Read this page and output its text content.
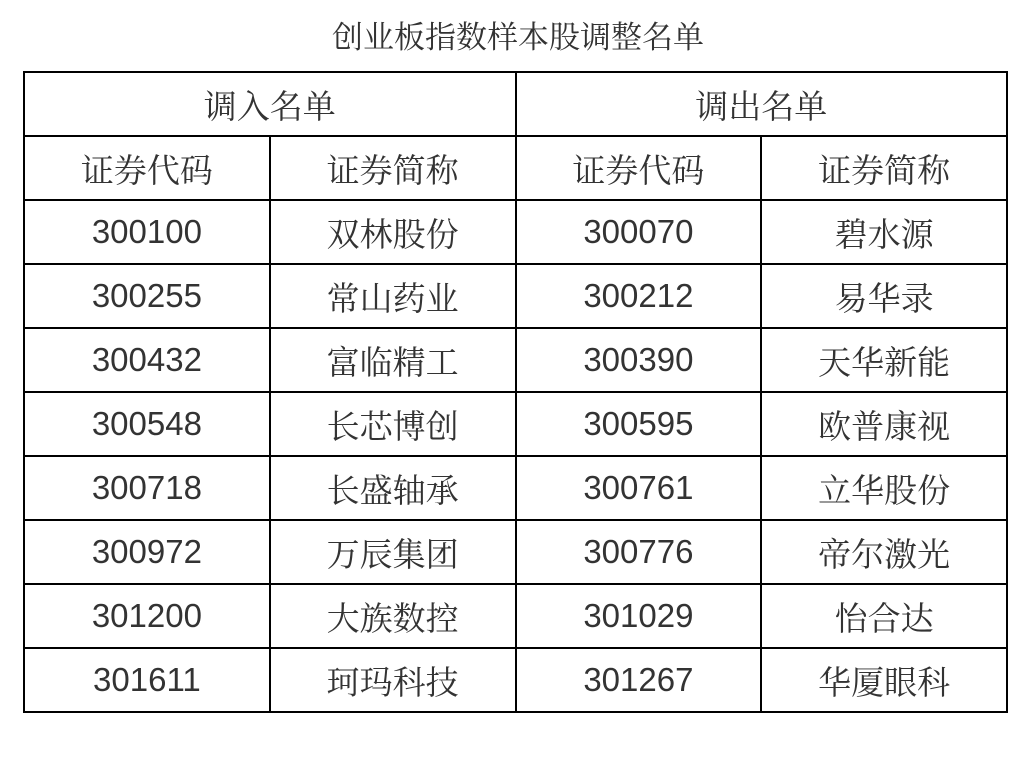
创业板指数样本股调整名单
调入名单		调出名单	
证券代码	证券简称	证券代码	证券简称
300100	双林股份	300070	碧水源
300255	常山药业	300212	易华录
300432	富临精工	300390	天华新能
300548	长芯博创	300595	欧普康视
300718	长盛轴承	300761	立华股份
300972	万辰集团	300776	帝尔激光
301200	大族数控	301029	怡合达
301611	珂玛科技	301267	华厦眼科
